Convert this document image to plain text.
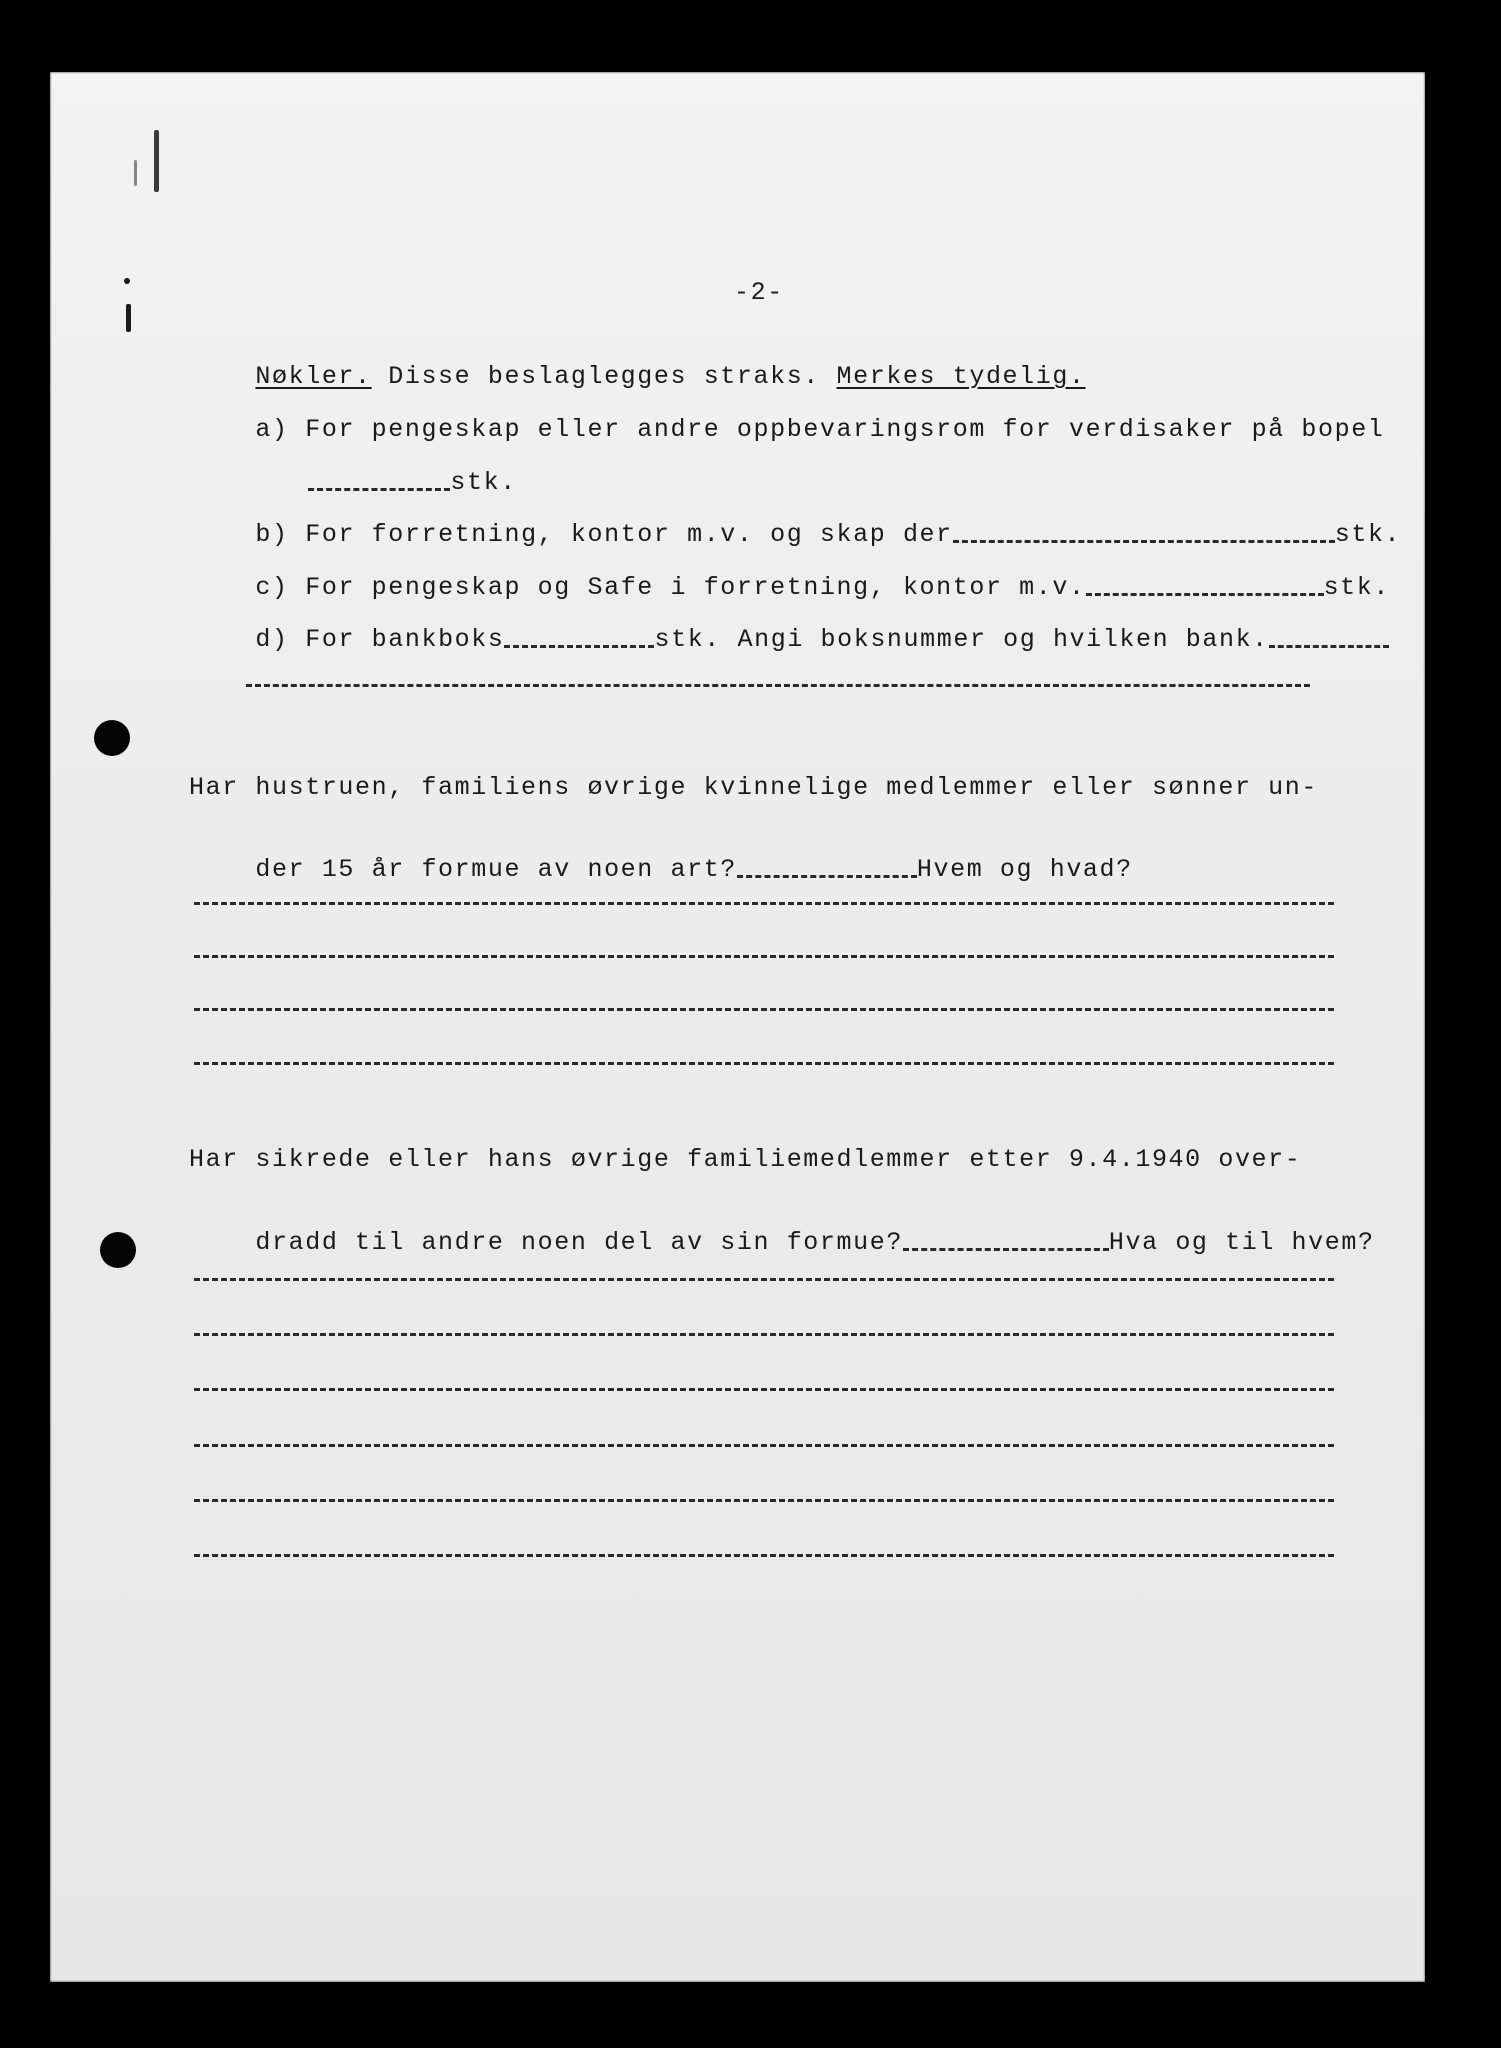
-2-

Nøkler. Disse beslaglegges straks. Merkes tydelig.

a) For pengeskap eller andre oppbevaringsrom for verdisaker på bopel

stk.

b) For forretning, kontor m.v. og skap der	stk.

c) For pengeskap og Safe i forretning, kontor m.v.	stk.

d) For bankboks	stk. Angi boksnummer og hvilken bank.

Har hustruen, familiens øvrige kvinnelige medlemmer eller sønner un-

der 15 år formue av noen art?	Hvem og hvad?

Har sikrede eller hans øvrige familiemedlemmer etter 9.4.1940 over-

dradd til andre noen del av sin formue?	Hva og til hvem?
